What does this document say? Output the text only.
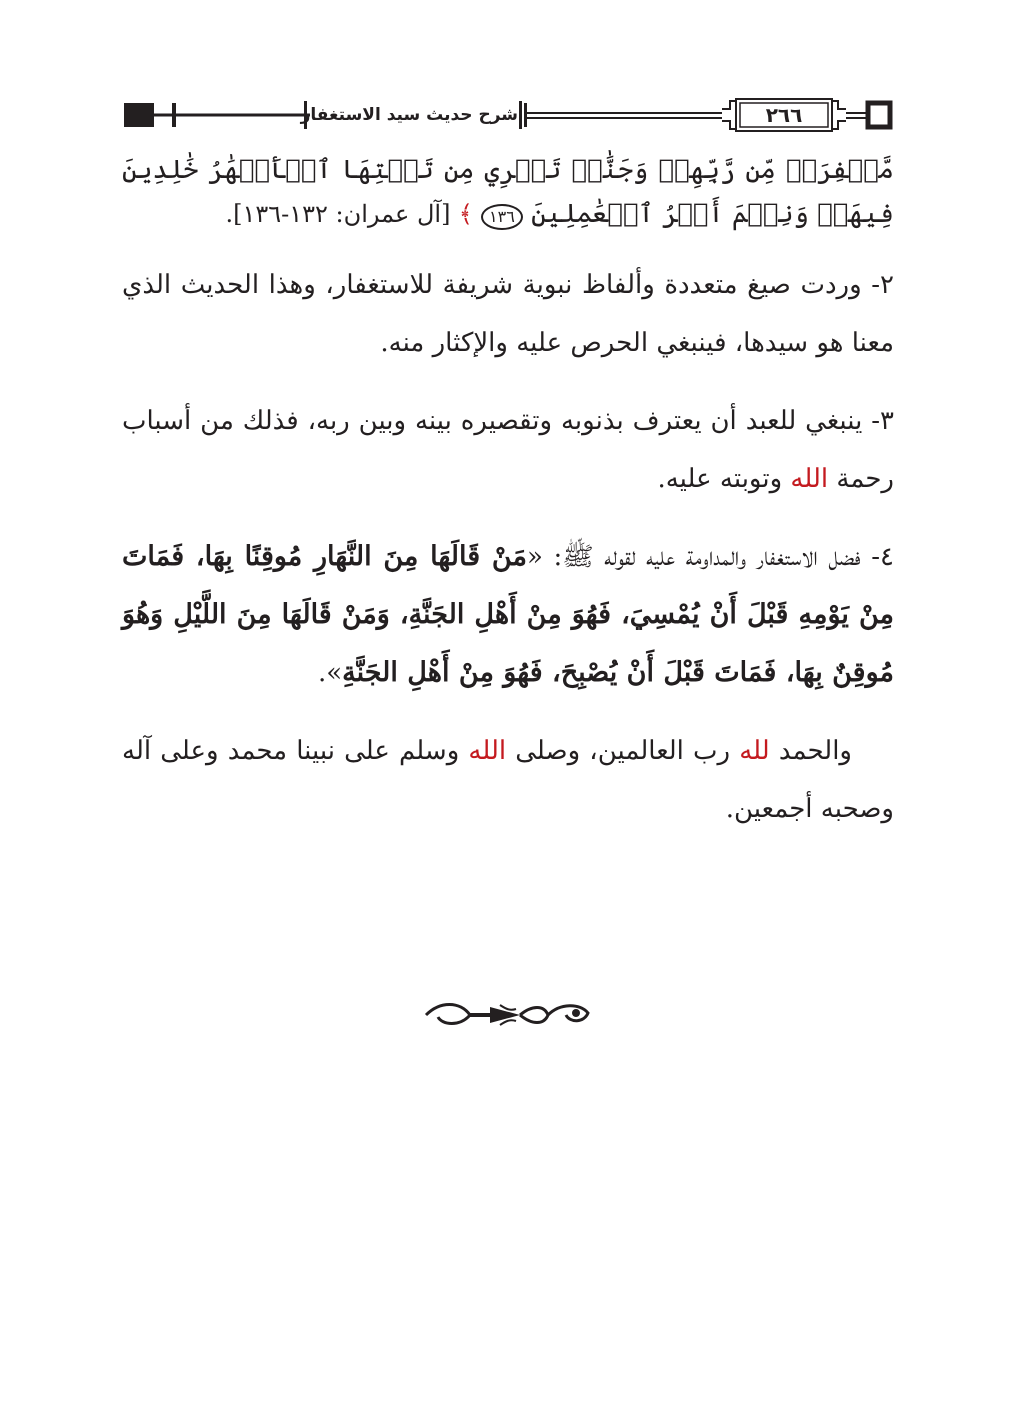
شرح حديث سيد الاستغفار	٢٦٦

مَّغۡفِرَةٞ مِّن رَّبِّهِمۡ وَجَنَّٰتٞ تَجۡرِي مِن تَحۡتِهَا ٱلۡأَنۡهَٰرُ خَٰلِدِينَ فِيهَاۚ وَنِعۡمَ أَجۡرُ ٱلۡعَٰمِلِينَ ١٣٦ ﴾ [آل عمران: ١٣٢-١٣٦].

٢- وردت صيغ متعددة وألفاظ نبوية شريفة للاستغفار، وهذا الحديث الذي معنا هو سيدها، فينبغي الحرص عليه والإكثار منه.

٣- ينبغي للعبد أن يعترف بذنوبه وتقصيره بينه وبين ربه، فذلك من أسباب رحمة الله وتوبته عليه.

٤- فضل الاستغفار والمداومة عليه لقوله ﷺ: «مَنْ قَالَهَا مِنَ النَّهَارِ مُوقِنًا بِهَا، فَمَاتَ مِنْ يَوْمِهِ قَبْلَ أَنْ يُمْسِيَ، فَهُوَ مِنْ أَهْلِ الجَنَّةِ، وَمَنْ قَالَهَا مِنَ اللَّيْلِ وَهُوَ مُوقِنٌ بِهَا، فَمَاتَ قَبْلَ أَنْ يُصْبِحَ، فَهُوَ مِنْ أَهْلِ الجَنَّةِ».

والحمد لله رب العالمين، وصلى الله وسلم على نبينا محمد وعلى آله وصحبه أجمعين.
